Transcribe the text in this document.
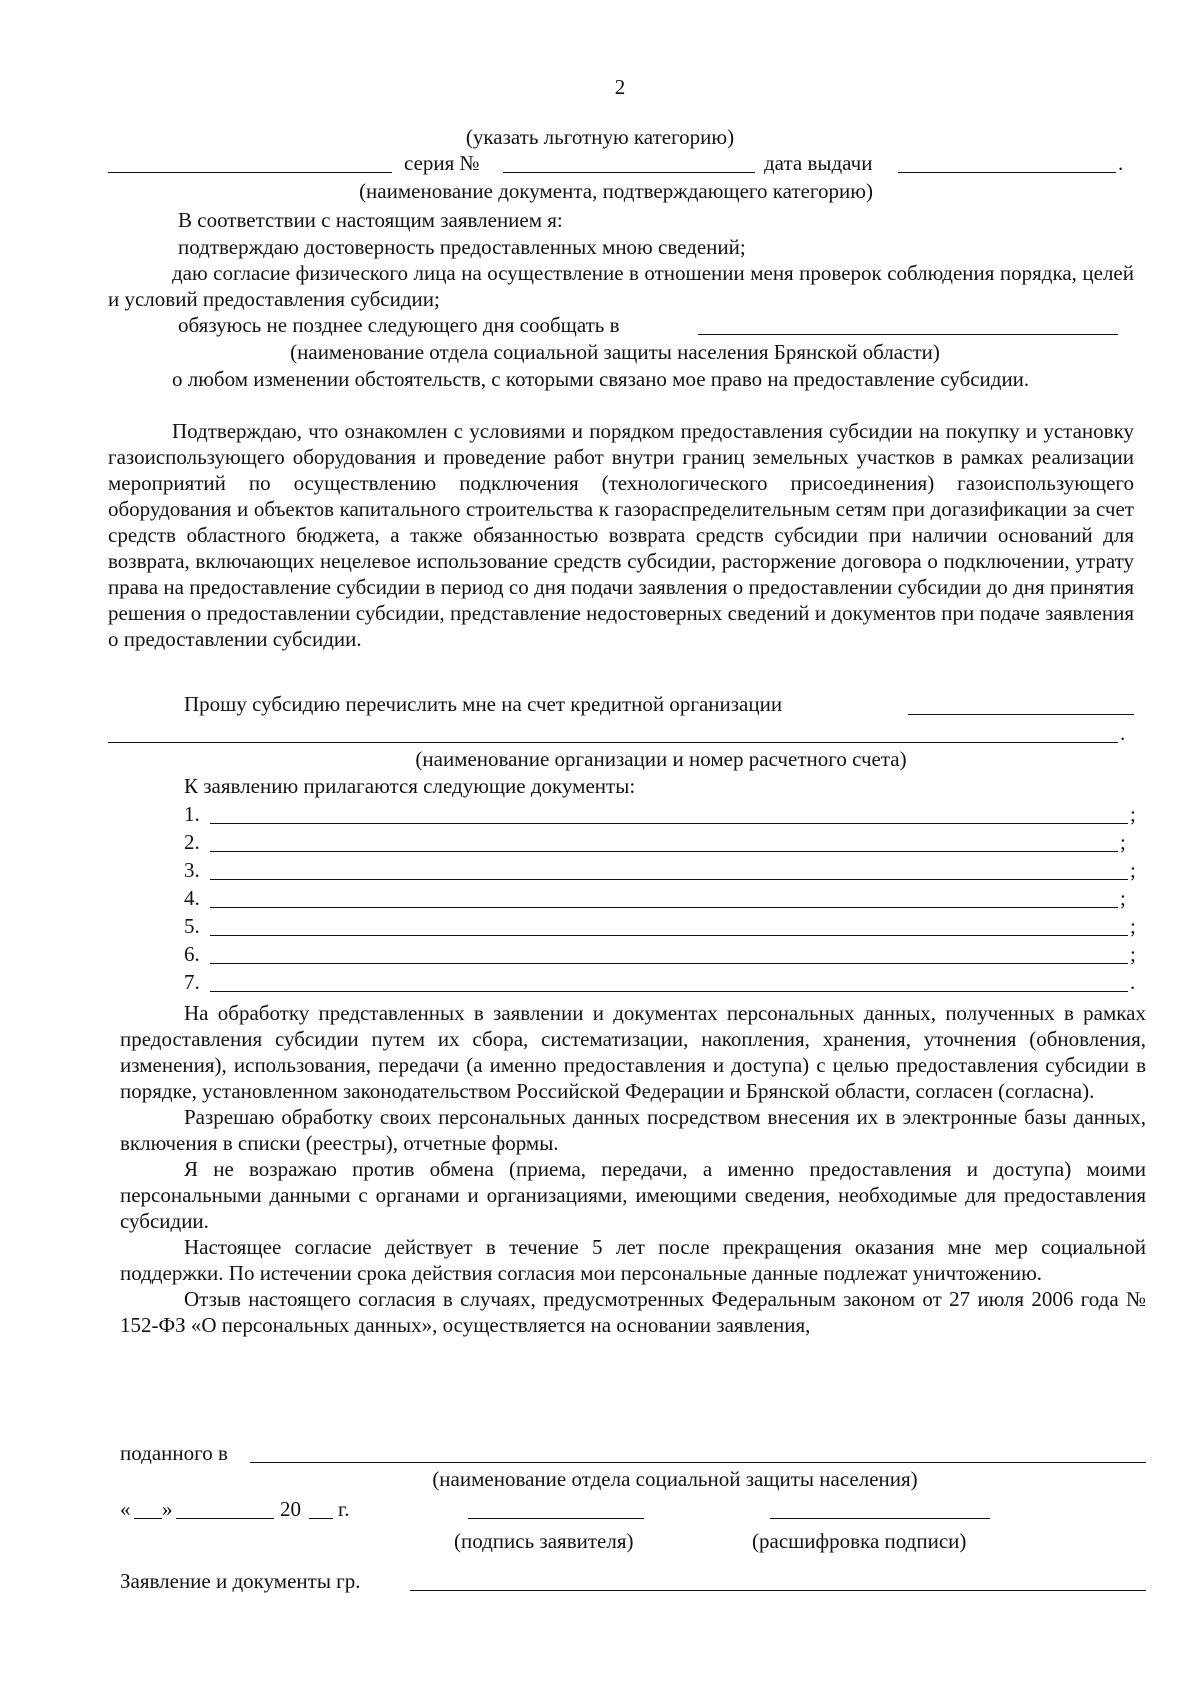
2
(указать льготную категорию)
серия №	дата выдачи	.
(наименование документа, подтверждающего категорию)
В соответствии с настоящим заявлением я:
подтверждаю достоверность предоставленных мною сведений;

даю согласие физического лица на осуществление в отношении меня проверок соблюдения порядка, целей и условий предоставления субсидии;

обязуюсь не позднее следующего дня сообщать в
(наименование отдела социальной защиты населения Брянской области)

о любом изменении обстоятельств, с которыми связано мое право на предоставление субсидии.

Подтверждаю, что ознакомлен с условиями и порядком предоставления субсидии на покупку и установку газоиспользующего оборудования и проведение работ внутри границ земельных участков в рамках реализации мероприятий по осуществлению подключения (технологического присоединения) газоиспользующего оборудования и объектов капитального строительства к газораспределительным сетям при догазификации за счет средств областного бюджета, а также обязанностью возврата средств субсидии при наличии оснований для возврата, включающих нецелевое использование средств субсидии, расторжение договора о подключении, утрату права на предоставление субсидии в период со дня подачи заявления о предоставлении субсидии до дня принятия решения о предоставлении субсидии, представление недостоверных сведений и документов при подаче заявления о предоставлении субсидии.

Прошу субсидию перечислить мне на счет кредитной организации
.
(наименование организации и номер расчетного счета)
К заявлению прилагаются следующие документы:
1.	;
2.	;
3.	;
4.	;
5.	;
6.	;
7.	.

На обработку представленных в заявлении и документах персональных данных, полученных в рамках предоставления субсидии путем их сбора, систематизации, накопления, хранения, уточнения (обновления, изменения), использования, передачи (а именно предоставления и доступа) с целью предоставления субсидии в порядке, установленном законодательством Российской Федерации и Брянской области, согласен (согласна).

Разрешаю обработку своих персональных данных посредством внесения их в электронные базы данных, включения в списки (реестры), отчетные формы.

Я не возражаю против обмена (приема, передачи, а именно предоставления и доступа) моими персональными данными с органами и организациями, имеющими сведения, необходимые для предоставления субсидии.

Настоящее согласие действует в течение 5 лет после прекращения оказания мне мер социальной поддержки. По истечении срока действия согласия мои персональные данные подлежат уничтожению.

Отзыв настоящего согласия в случаях, предусмотренных Федеральным законом от 27 июля 2006 года № 152-ФЗ «О персональных данных», осуществляется на основании заявления,

поданного в
(наименование отдела социальной защиты населения)
« »	20 г.
(подпись заявителя)	(расшифровка подписи)
Заявление и документы гр.
